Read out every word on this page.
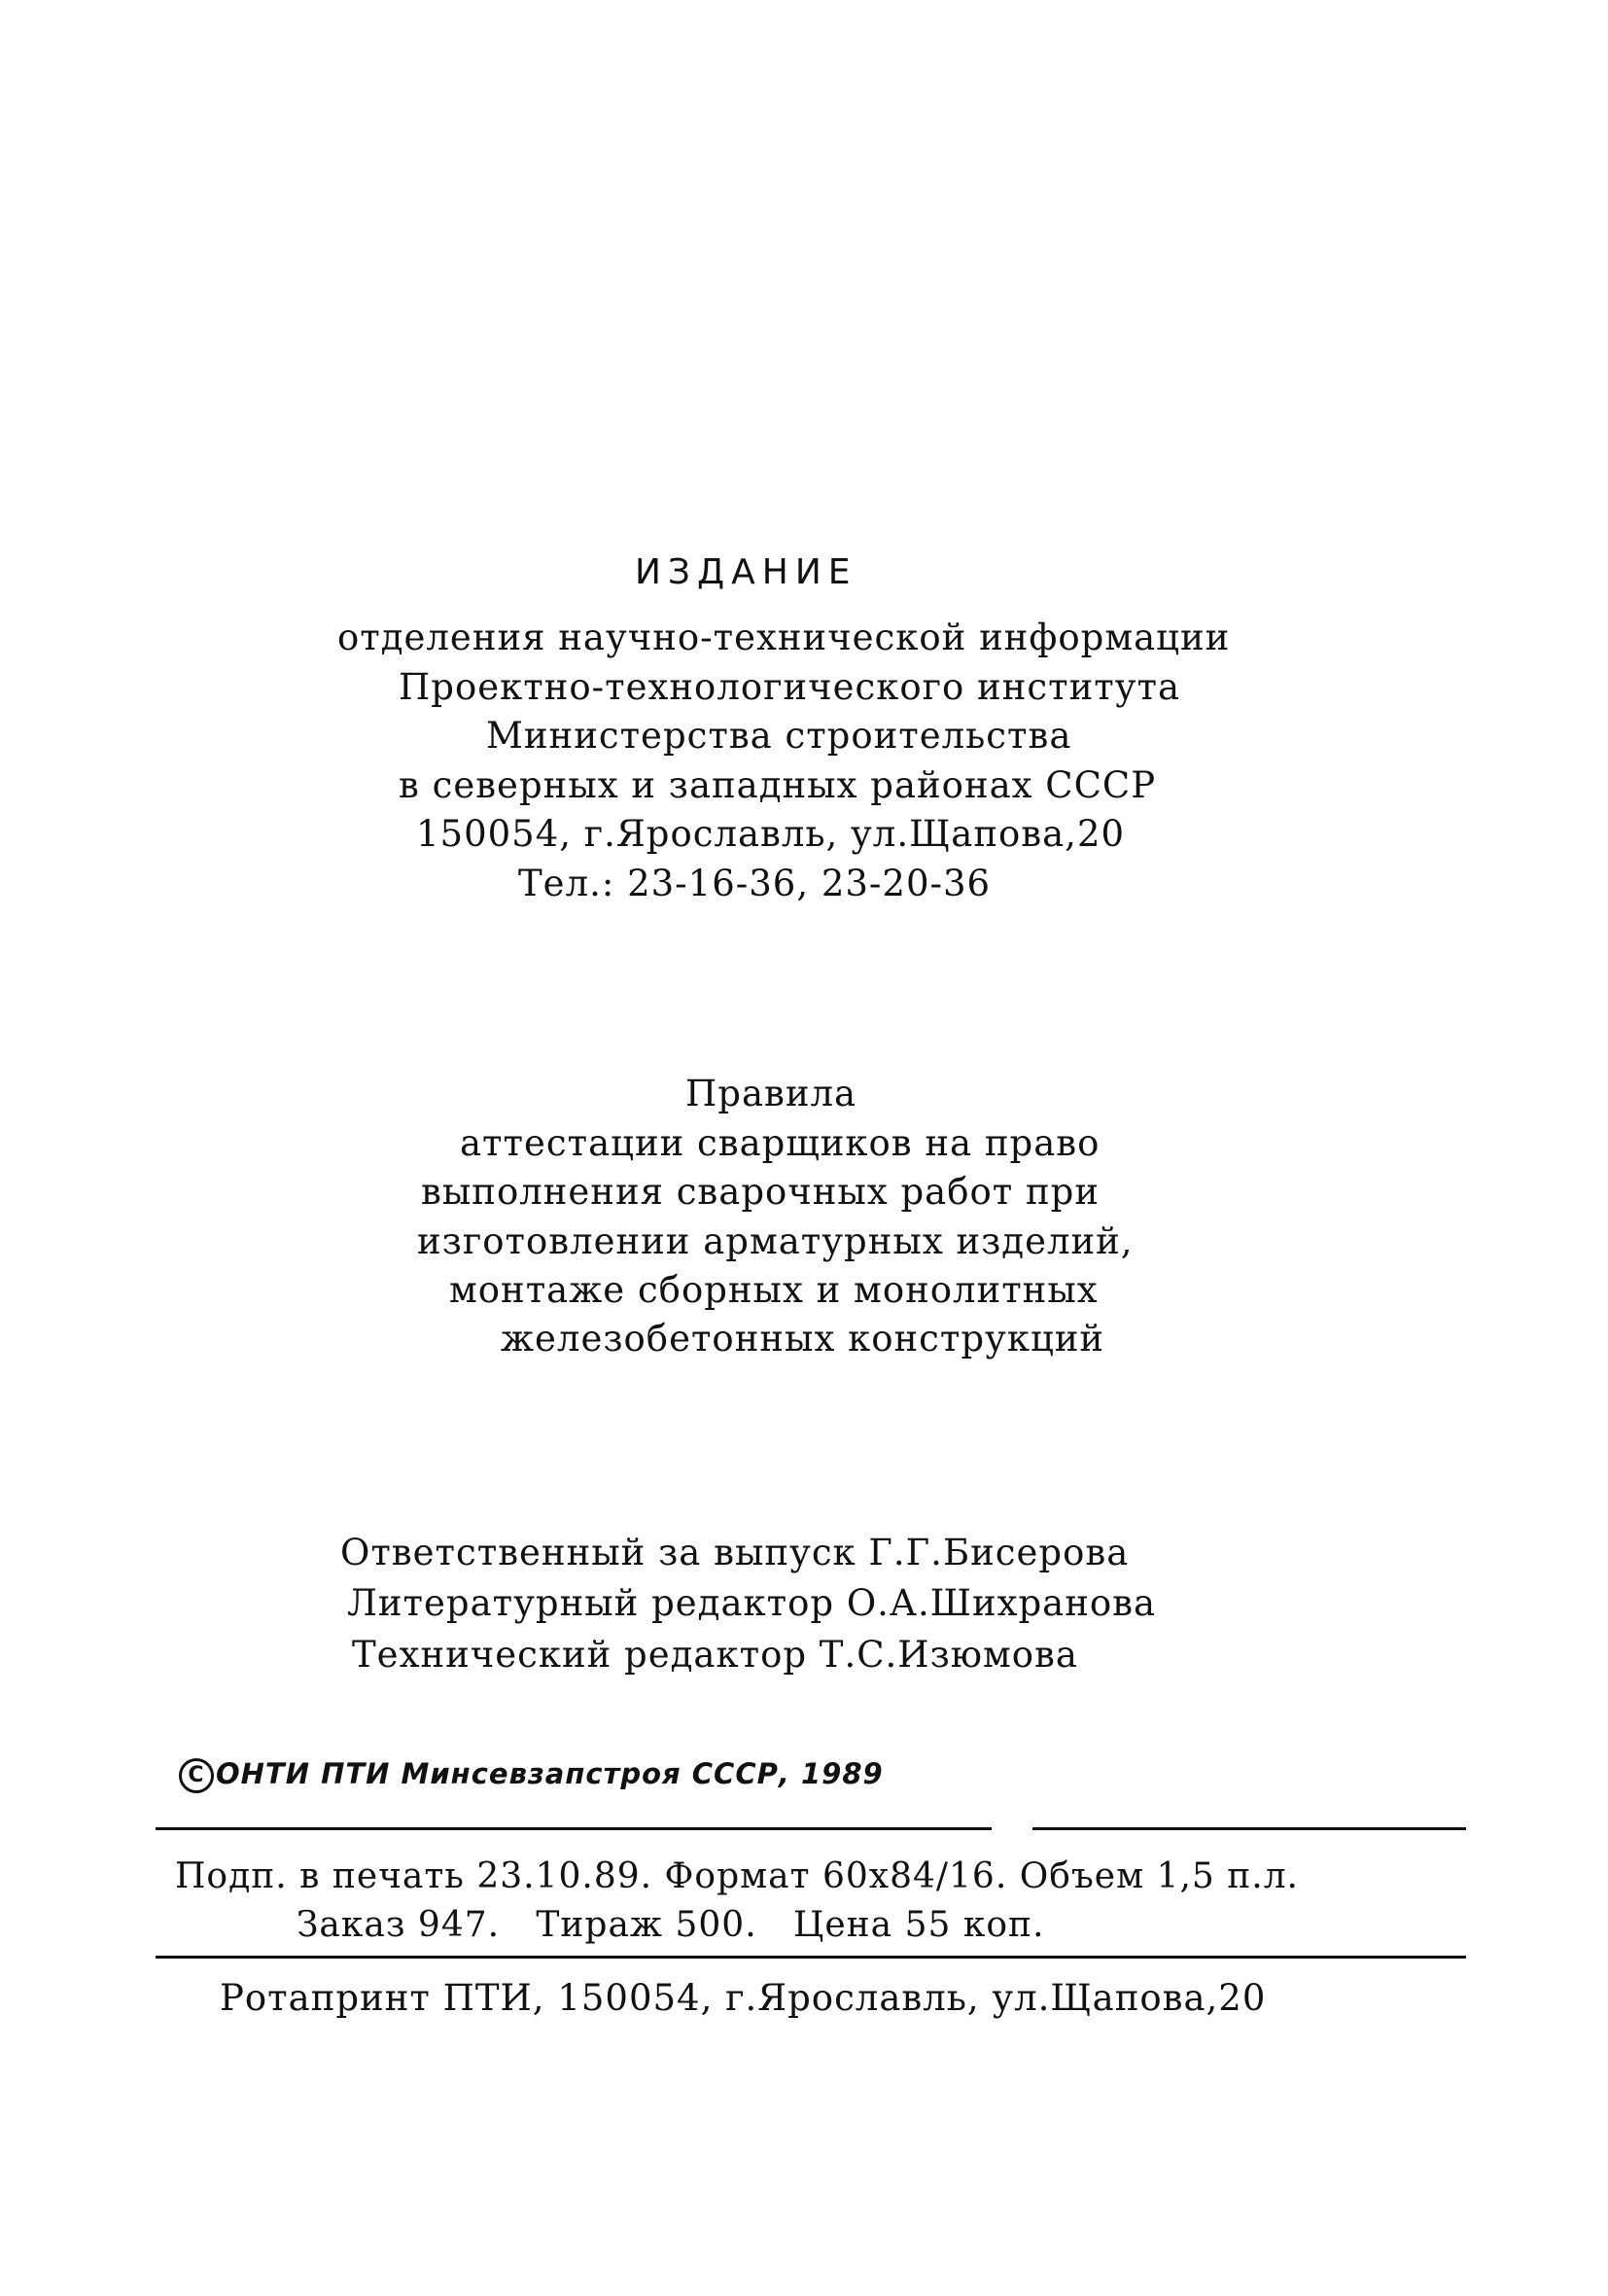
ИЗДАНИЕ
отделения научно-технической информации
Проектно-технологического института
Министерства строительства
в северных и западных районах СССР
150054, г.Ярославль, ул.Щапова,20
Тел.: 23-16-36, 23-20-36
Правила
аттестации сварщиков на право
выполнения сварочных работ при
изготовлении арматурных изделий,
монтаже сборных и монолитных
железобетонных конструкций
Ответственный за выпуск Г.Г.Бисерова
Литературный редактор О.А.Шихранова
Технический редактор Т.С.Изюмова
C ОНТИ ПТИ Минсевзапстроя СССР, 1989
Подп. в печать 23.10.89. Формат 60x84/16. Объем 1,5 п.л.
Заказ 947.   Тираж 500.   Цена 55 коп.
Ротапринт ПТИ, 150054, г.Ярославль, ул.Щапова,20
